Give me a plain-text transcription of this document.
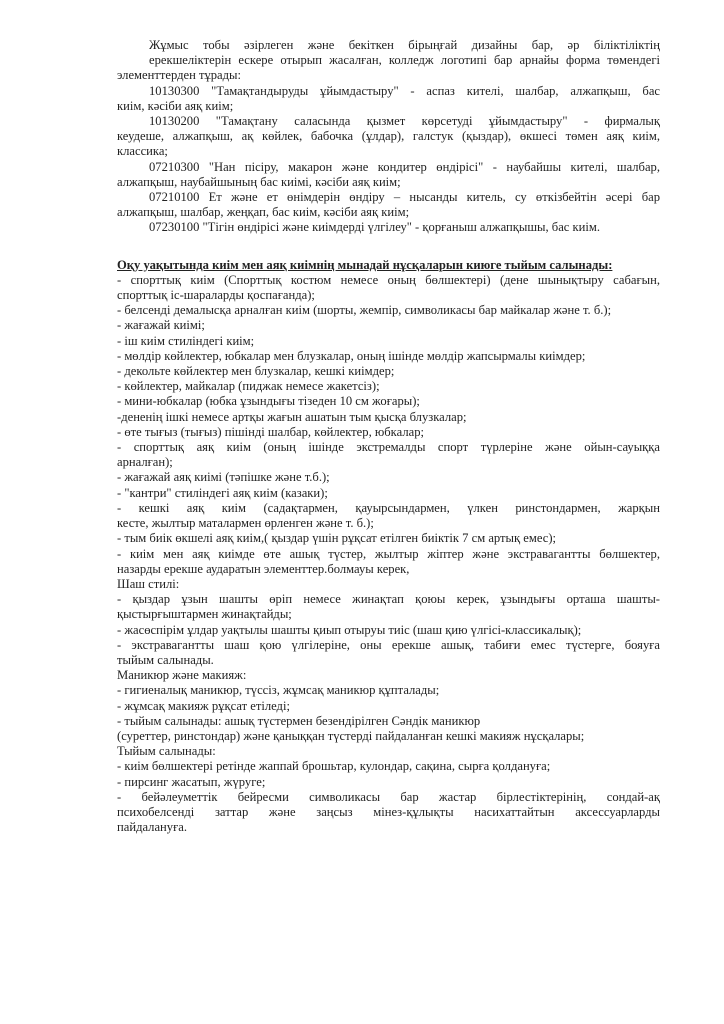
Жұмыс тобы әзірлеген және бекіткен бірыңғай дизайны бар, әр біліктіліктің
ерекшеліктерін ескере отырып жасалған, колледж логотипі бар арнайы форма төмендегі
элементтерден тұрады:
10130300 "Тамақтандыруды ұйымдастыру" - аспаз кителі, шалбар, алжапқыш, бас
киім, кәсіби аяқ киім;
10130200 "Тамақтану саласында қызмет көрсетуді ұйымдастыру" - фирмалық
кеудеше, алжапқыш, ақ көйлек, бабочка (ұлдар), галстук (қыздар), өкшесі төмен аяқ киім,
классика;
07210300 "Нан пісіру, макарон және кондитер өндірісі" - наубайшы кителі, шалбар,
алжапқыш, наубайшының бас киімі, кәсіби аяқ киім;
07210100 Ет және ет өнімдерін өндіру – нысанды китель, су өткізбейтін әсері бар
алжапқыш, шалбар, жеңқап, бас киім, кәсіби аяқ киім;
07230100 "Тігін өндірісі және киімдерді үлгілеу" - қорғаныш алжапқышы, бас киім.
Оқу уақытында киім мен аяқ киімнің мынадай нұсқаларын киюге тыйым салынады:
- спорттық киім (Спорттық костюм немесе оның бөлшектері) (дене шынықтыру сабағын,
спорттық іс-шараларды қоспағанда);
- белсенді демалысқа арналған киім (шорты, жемпір, символикасы бар майкалар және т. б.);
- жағажай киімі;
- іш киім стиліндегі киім;
- мөлдір көйлектер, юбкалар мен блузкалар, оның ішінде мөлдір жапсырмалы киімдер;
- декольте көйлектер мен блузкалар, кешкі киімдер;
- көйлектер, майкалар (пиджак немесе жакетсіз);
- мини-юбкалар (юбка ұзындығы тізеден 10 см жоғары);
-дененің ішкі немесе артқы жағын ашатын тым қысқа блузкалар;
- өте тығыз (тығыз) пішінді шалбар, көйлектер, юбкалар;
- спорттық аяқ киім (оның ішінде экстремалды спорт түрлеріне және ойын-сауыққа
арналған);
- жағажай аяқ киімі (тәпішке және т.б.);
- "кантри" стиліндегі аяқ киім (казаки);
- кешкі аяқ киім (садақтармен, қауырсындармен, үлкен ринстондармен, жарқын
кесте, жылтыр маталармен өрленген және т. б.);
- тым биік өкшелі аяқ киім,( қыздар үшін рұқсат етілген биіктік 7 см артық емес);
- киім мен аяқ киімде өте ашық түстер, жылтыр жіптер және экстравагантты бөлшектер,
назарды ерекше аударатын элементтер.болмауы керек,
Шаш стилі:
- қыздар ұзын шашты өріп немесе жинақтап қоюы керек, ұзындығы орташа шашты-
қыстырғыштармен жинақтайды;
- жасөспірім ұлдар уақтылы шашты қиып отыруы тиіс (шаш қию үлгісі-классикалық);
- экстравагантты шаш қою үлгілеріне, оны ерекше ашық, табиғи емес түстерге, бояуға
тыйым салынады.
Маникюр және макияж:
- гигиеналық маникюр, түссіз, жұмсақ маникюр құпталады;
- жұмсақ макияж рұқсат етіледі;
- тыйым салынады: ашық түстермен безендірілген Сәндік маникюр
(суреттер, ринстондар) және қаныққан түстерді пайдаланған кешкі макияж нұсқалары;
Тыйым салынады:
- киім бөлшектері ретінде жаппай брошьтар, кулондар, сақина, сырға қолдануға;
- пирсинг жасатып, жүруге;
- бейәлеуметтік бейресми символикасы бар жастар бірлестіктерінің, сондай-ақ
психобелсенді заттар және заңсыз мінез-құлықты насихаттайтын аксессуарларды
пайдалануға.
